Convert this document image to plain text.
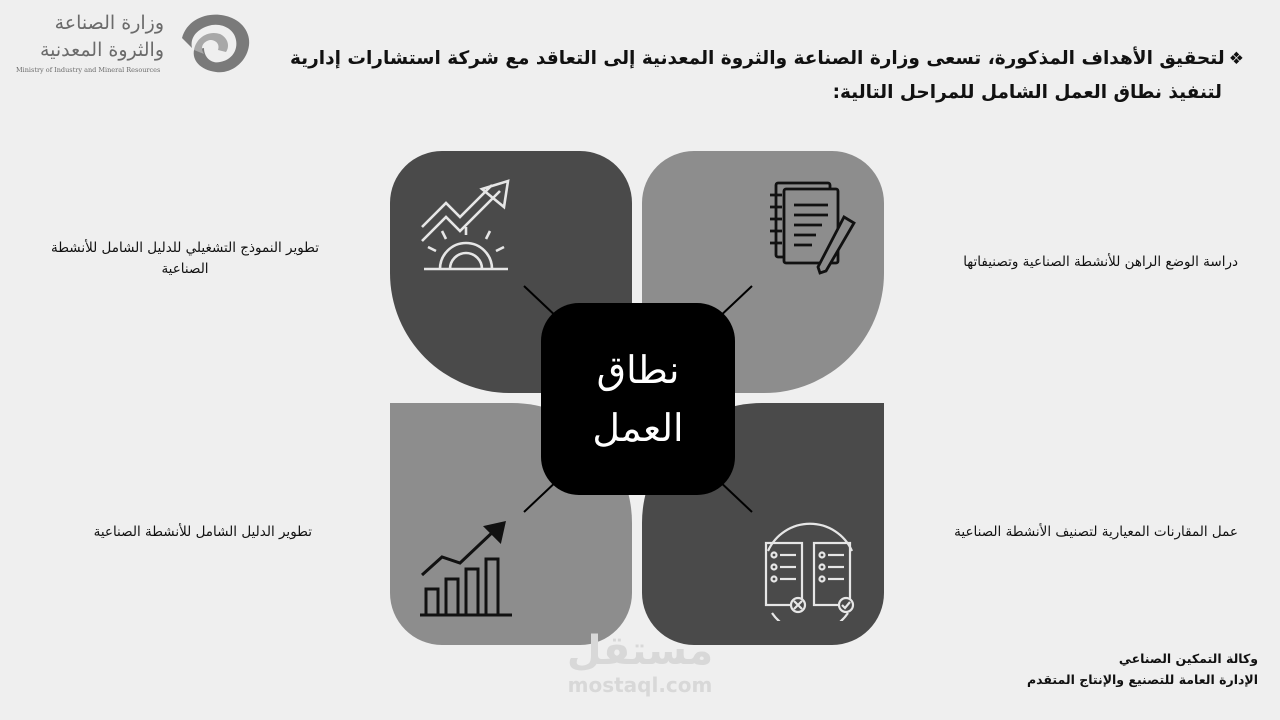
وزارة الصناعة
والثروة المعدنية
Ministry of Industry and Mineral Resources
❖لتحقيق الأهداف المذكورة، تسعى وزارة الصناعة والثروة المعدنية إلى التعاقد مع شركة استشارات إدارية
لتنفيذ نطاق العمل الشامل للمراحل التالية:
نطاق
العمل
تطوير النموذج التشغيلي للدليل الشامل للأنشطة الصناعية	دراسة الوضع الراهن للأنشطة الصناعية وتصنيفاتها
تطوير الدليل الشامل للأنشطة الصناعية	عمل المقارنات المعيارية لتصنيف الأنشطة الصناعية
مستقل
mostaql.com
وكالة التمكين الصناعي
الإدارة العامة للتصنيع والإنتاج المتقدم
